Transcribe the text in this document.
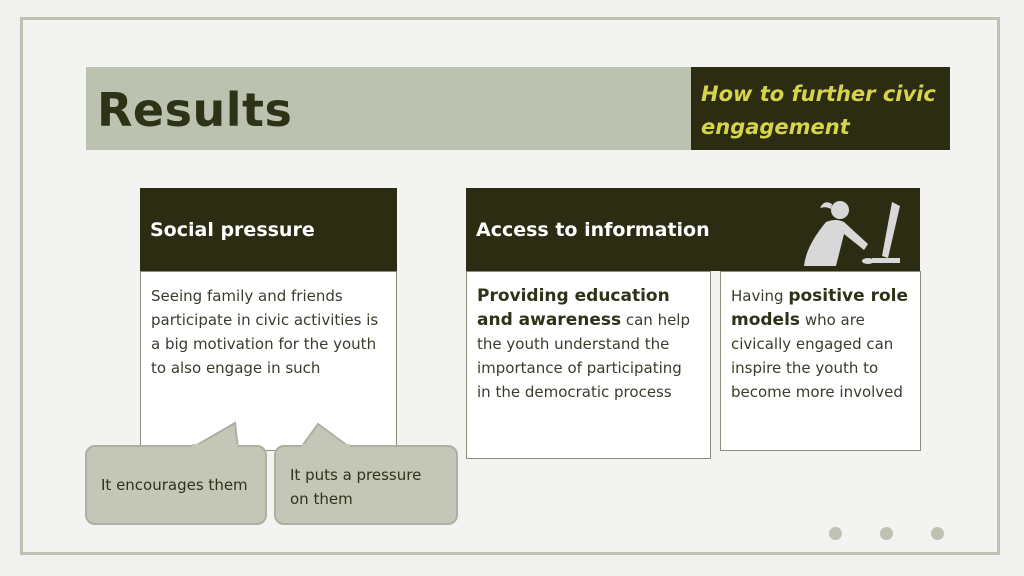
Results	How to further civic
engagement
Social pressure
Seeing family and friends participate in civic activities is a big motivation for the youth to also engage in such
Access to information
Providing education and awareness can help the youth understand the importance of participating in the democratic process
Having positive role models who are civically engaged can inspire the youth to become more involved
It encourages them
It puts a pressure on them
